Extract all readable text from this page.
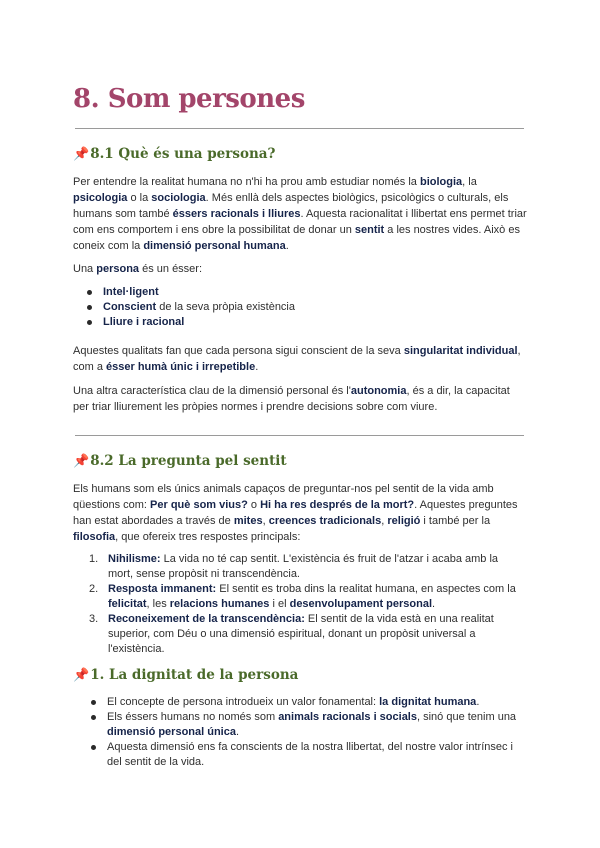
8. Som persones
📌8.1 Què és una persona?

Per entendre la realitat humana no n'hi ha prou amb estudiar només la biologia, la psicologia o la sociologia. Més enllà dels aspectes biològics, psicològics o culturals, els humans som també éssers racionals i lliures. Aquesta racionalitat i llibertat ens permet triar com ens comportem i ens obre la possibilitat de donar un sentit a les nostres vides. Això es coneix com la dimensió personal humana.

Una persona és un ésser:

Intel·ligent
Conscient de la seva pròpia existència
Lliure i racional

Aquestes qualitats fan que cada persona sigui conscient de la seva singularitat individual, com a ésser humà únic i irrepetible.

Una altra característica clau de la dimensió personal és l'autonomia, és a dir, la capacitat per triar lliurement les pròpies normes i prendre decisions sobre com viure.

📌8.2 La pregunta pel sentit

Els humans som els únics animals capaços de preguntar-nos pel sentit de la vida amb qüestions com: Per què som vius? o Hi ha res després de la mort?. Aquestes preguntes han estat abordades a través de mites, creences tradicionals, religió i també per la filosofia, que ofereix tres respostes principals:

1. Nihilisme: La vida no té cap sentit. L'existència és fruit de l'atzar i acaba amb la mort, sense propòsit ni transcendència.
2. Resposta immanent: El sentit es troba dins la realitat humana, en aspectes com la felicitat, les relacions humanes i el desenvolupament personal.
3. Reconeixement de la transcendència: El sentit de la vida està en una realitat superior, com Déu o una dimensió espiritual, donant un propòsit universal a l'existència.
📌1. La dignitat de la persona
El concepte de persona introdueix un valor fonamental: la dignitat humana.
Els éssers humans no només som animals racionals i socials, sinó que tenim una dimensió personal única.
Aquesta dimensió ens fa conscients de la nostra llibertat, del nostre valor intrínsec i del sentit de la vida.
